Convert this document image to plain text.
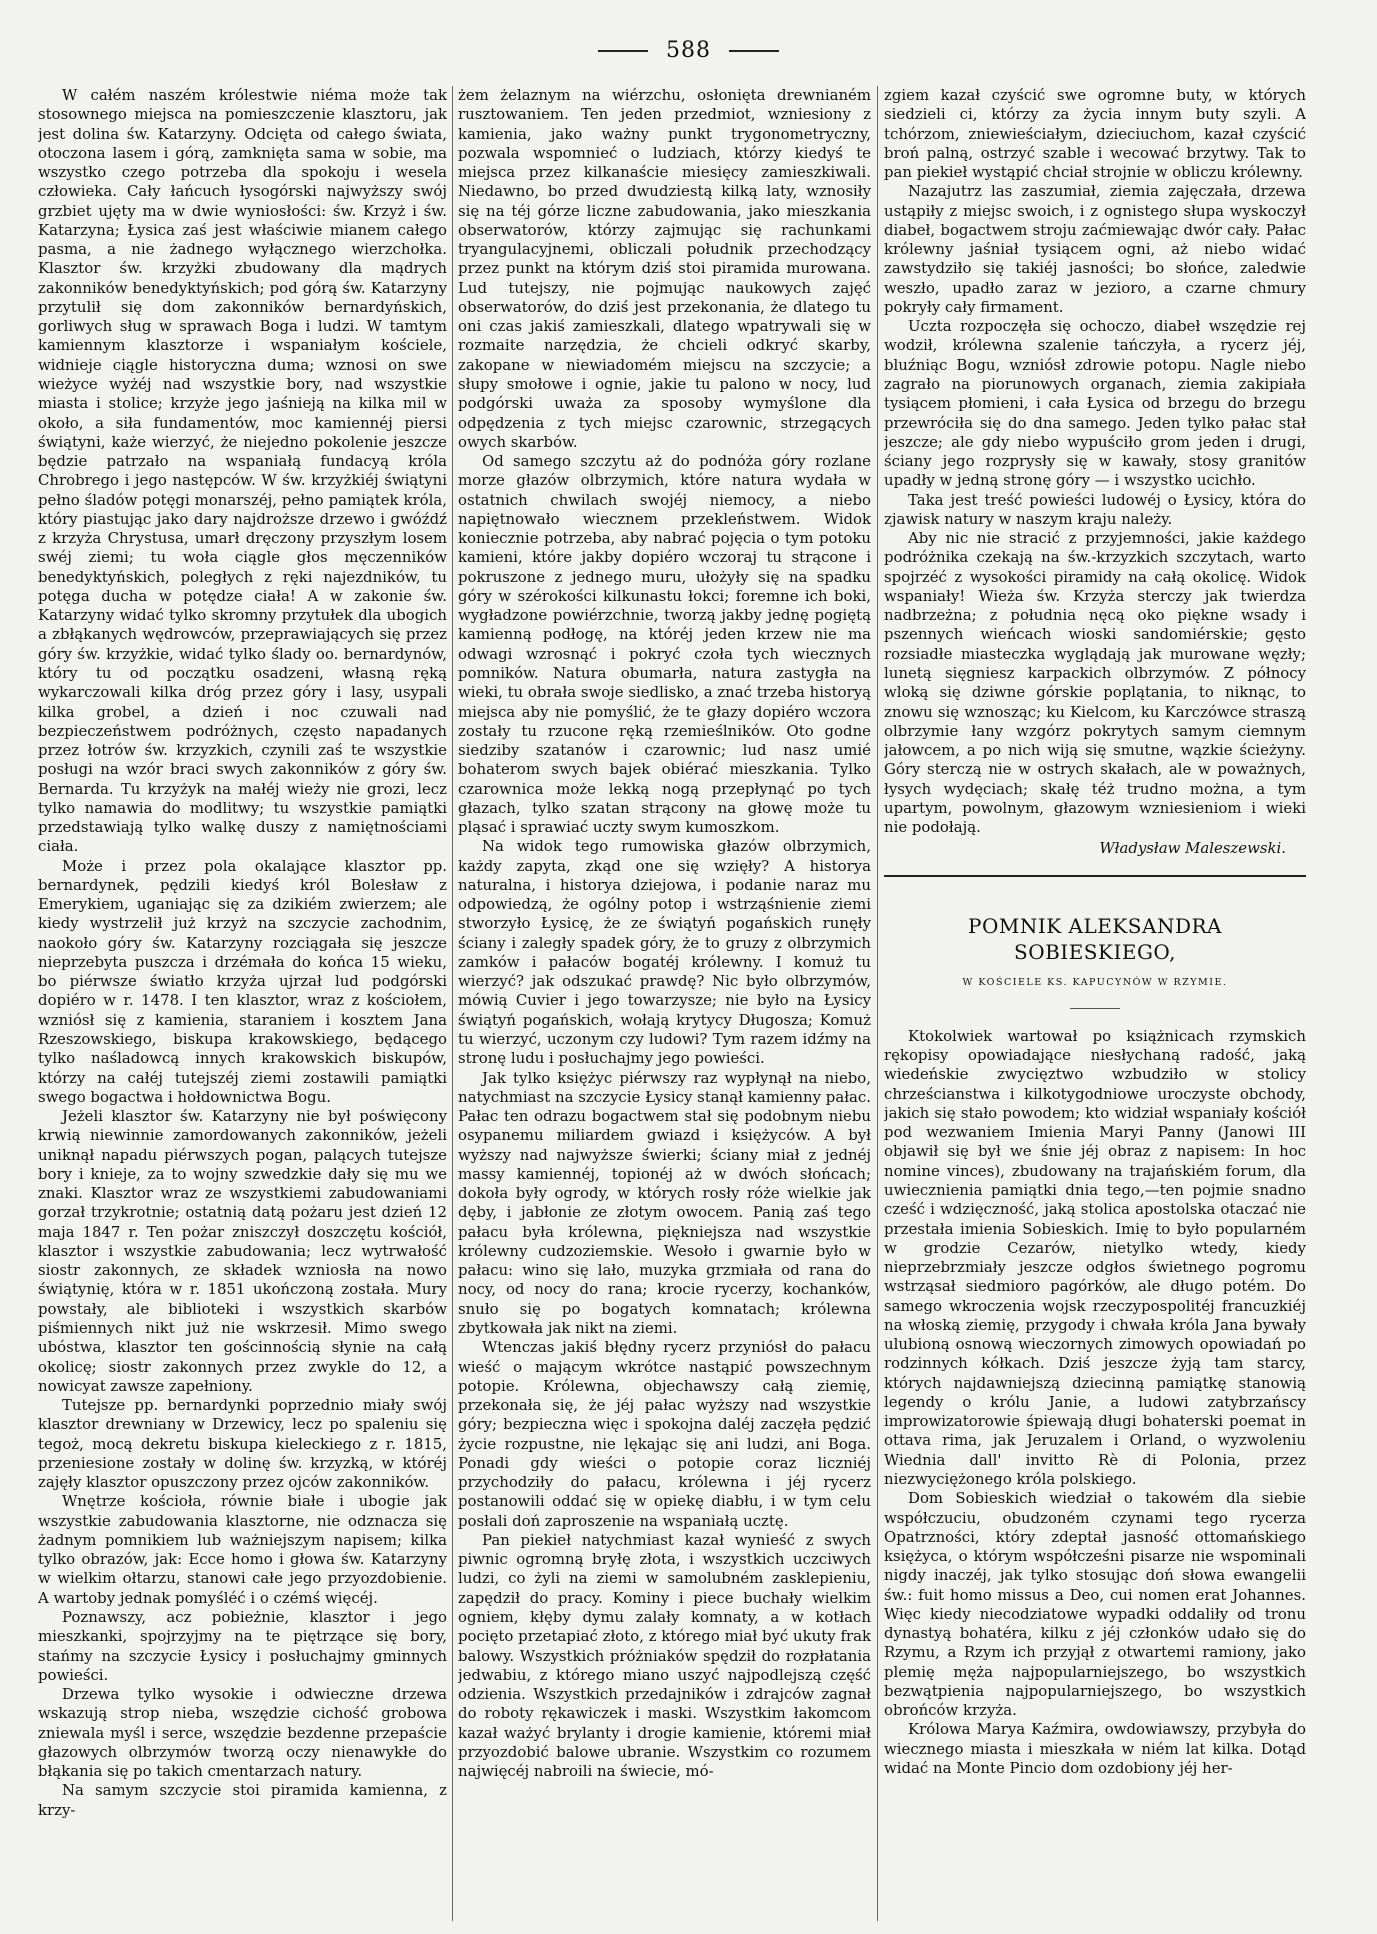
588

W całém naszém królestwie niéma może tak stosownego miejsca na pomieszczenie klasztoru, jak jest dolina św. Katarzyny. Odcięta od całego świata, otoczona lasem i górą, zamknięta sama w sobie, ma wszystko czego potrzeba dla spokoju i wesela człowieka. Cały łańcuch łysogórski najwyższy swój grzbiet ujęty ma w dwie wyniosłości: św. Krzyż i św. Katarzyna; Łysica zaś jest właściwie mianem całego pasma, a nie żadnego wyłącznego wierzchołka. Klasztor św. krzyżki zbudowany dla mądrych zakonników benedyktyńskich; pod górą św. Katarzyny przytulił się dom zakonników bernardyńskich, gorliwych sług w sprawach Boga i ludzi. W tamtym kamiennym klasztorze i wspaniałym kościele, widnieje ciągle historyczna duma; wznosi on swe wieżyce wyżéj nad wszystkie bory, nad wszystkie miasta i stolice; krzyże jego jaśnieją na kilka mil w około, a siła fundamentów, moc kamiennéj piersi świątyni, każe wierzyć, że niejedno pokolenie jeszcze będzie patrzało na wspaniałą fundacyą króla Chrobrego i jego następców. W św. krzyżkiéj świątyni pełno śladów potęgi monarszéj, pełno pamiątek króla, który piastując jako dary najdroższe drzewo i gwóźdź z krzyża Chrystusa, umarł dręczony przyszłym losem swéj ziemi; tu woła ciągle głos męczenników benedyktyńskich, poległych z ręki najezdników, tu potęga ducha w potędze ciała! A w zakonie św. Katarzyny widać tylko skromny przytułek dla ubogich a zbłąkanych wędrowców, przeprawiających się przez góry św. krzyżkie, widać tylko ślady oo. bernardynów, który tu od początku osadzeni, własną ręką wykarczowali kilka dróg przez góry i lasy, usypali kilka grobel, a dzień i noc czuwali nad bezpieczeństwem podróżnych, często napadanych przez łotrów św. krzyzkich, czynili zaś te wszystkie posługi na wzór braci swych zakonników z góry św. Bernarda. Tu krzyżyk na małéj wieży nie grozi, lecz tylko namawia do modlitwy; tu wszystkie pamiątki przedstawiają tylko walkę duszy z namiętnościami ciała.

Może i przez pola okalające klasztor pp. bernardynek, pędzili kiedyś król Bolesław z Emerykiem, uganiając się za dzikiém zwierzem; ale kiedy wystrzelił już krzyż na szczycie zachodnim, naokoło góry św. Katarzyny rozciągała się jeszcze nieprzebyta puszcza i drzémała do końca 15 wieku, bo piérwsze światło krzyża ujrzał lud podgórski dopiéro w r. 1478. I ten klasztor, wraz z kościołem, wzniósł się z kamienia, staraniem i kosztem Jana Rzeszowskiego, biskupa krakowskiego, będącego tylko naśladowcą innych krakowskich biskupów, którzy na całéj tutejszéj ziemi zostawili pamiątki swego bogactwa i hołdownictwa Bogu.

Jeżeli klasztor św. Katarzyny nie był poświęcony krwią niewinnie zamordowanych zakonników, jeżeli uniknął napadu piérwszych pogan, palących tutejsze bory i knieje, za to wojny szwedzkie dały się mu we znaki. Klasztor wraz ze wszystkiemi zabudowaniami gorzał trzykrotnie; ostatnią datą pożaru jest dzień 12 maja 1847 r. Ten pożar zniszczył doszczętu kościół, klasztor i wszystkie zabudowania; lecz wytrwałość siostr zakonnych, ze składek wzniosła na nowo świątynię, która w r. 1851 ukończoną została. Mury powstały, ale biblioteki i wszystkich skarbów piśmiennych nikt już nie wskrzesił. Mimo swego ubóstwa, klasztor ten gościnnością słynie na całą okolicę; siostr zakonnych przez zwykle do 12, a nowicyat zawsze zapełniony.

Tutejsze pp. bernardynki poprzednio miały swój klasztor drewniany w Drzewicy, lecz po spaleniu się tegoż, mocą dekretu biskupa kieleckiego z r. 1815, przeniesione zostały w dolinę św. krzyzką, w któréj zajęły klasztor opuszczony przez ojców zakonników.

Wnętrze kościoła, równie białe i ubogie jak wszystkie zabudowania klasztorne, nie odznacza się żadnym pomnikiem lub ważniejszym napisem; kilka tylko obrazów, jak: Ecce homo i głowa św. Katarzyny w wielkim ołtarzu, stanowi całe jego przyozdobienie. A wartoby jednak pomyśléć i o czémś więcéj.

Poznawszy, acz pobieżnie, klasztor i jego mieszkanki, spojrzyjmy na te piętrzące się bory, stańmy na szczycie Łysicy i posłuchajmy gminnych powieści.

Drzewa tylko wysokie i odwieczne drzewa wskazują strop nieba, wszędzie cichość grobowa zniewala myśl i serce, wszędzie bezdenne przepaście głazowych olbrzymów tworzą oczy nienawykłe do błąkania się po takich cmentarzach natury.

Na samym szczycie stoi piramida kamienna, z krzy-

żem żelaznym na wiérzchu, osłonięta drewnianém rusztowaniem. Ten jeden przedmiot, wzniesiony z kamienia, jako ważny punkt trygonometryczny, pozwala wspomnieć o ludziach, którzy kiedyś te miejsca przez kilkanaście miesięcy zamieszkiwali. Niedawno, bo przed dwudziestą kilką laty, wznosiły się na téj górze liczne zabudowania, jako mieszkania obserwatorów, którzy zajmując się rachunkami tryangulacyjnemi, obliczali południk przechodzący przez punkt na którym dziś stoi piramida murowana. Lud tutejszy, nie pojmując naukowych zajęć obserwatorów, do dziś jest przekonania, że dlatego tu oni czas jakiś zamieszkali, dlatego wpatrywali się w rozmaite narzędzia, że chcieli odkryć skarby, zakopane w niewiadomém miejscu na szczycie; a słupy smołowe i ognie, jakie tu palono w nocy, lud podgórski uważa za sposoby wymyślone dla odpędzenia z tych miejsc czarownic, strzegących owych skarbów.

Od samego szczytu aż do podnóża góry rozlane morze głazów olbrzymich, które natura wydała w ostatnich chwilach swojéj niemocy, a niebo napiętnowało wiecznem przekleństwem. Widok koniecznie potrzeba, aby nabrać pojęcia o tym potoku kamieni, które jakby dopiéro wczoraj tu strącone i pokruszone z jednego muru, ułożyły się na spadku góry w szérokości kilkunastu łokci; foremne ich boki, wygładzone powiérzchnie, tworzą jakby jednę pogiętą kamienną podłogę, na któréj jeden krzew nie ma odwagi wzrosnąć i pokryć czoła tych wiecznych pomników. Natura obumarła, natura zastygła na wieki, tu obrała swoje siedlisko, a znać trzeba historyą miejsca aby nie pomyślić, że te głazy dopiéro wczora zostały tu rzucone ręką rzemieślników. Oto godne siedziby szatanów i czarownic; lud nasz umié bohaterom swych bajek obiérać mieszkania. Tylko czarownica może lekką nogą przepłynąć po tych głazach, tylko szatan strącony na głowę może tu pląsać i sprawiać uczty swym kumoszkom.

Na widok tego rumowiska głazów olbrzymich, każdy zapyta, zkąd one się wzięły? A historya naturalna, i historya dziejowa, i podanie naraz mu odpowiedzą, że ogólny potop i wstrząśnienie ziemi stworzyło Łysicę, że ze świątyń pogańskich runęły ściany i zaległy spadek góry, że to gruzy z olbrzymich zamków i pałaców bogatéj królewny. I komuż tu wierzyć? jak odszukać prawdę? Nic było olbrzymów, mówią Cuvier i jego towarzysze; nie było na Łysicy świątyń pogańskich, wołają krytycy Długosza; Komuż tu wierzyć, uczonym czy ludowi? Tym razem idźmy na stronę ludu i posłuchajmy jego powieści.

Jak tylko księżyc piérwszy raz wypłynął na niebo, natychmiast na szczycie Łysicy stanął kamienny pałac. Pałac ten odrazu bogactwem stał się podobnym niebu osypanemu miliardem gwiazd i księżyców. A był wyższy nad najwyższe świerki; ściany miał z jednéj massy kamiennéj, topionéj aż w dwóch słońcach; dokoła były ogrody, w których rosły róże wielkie jak dęby, i jabłonie ze złotym owocem. Panią zaś tego pałacu była królewna, piękniejsza nad wszystkie królewny cudzoziemskie. Wesoło i gwarnie było w pałacu: wino się lało, muzyka grzmiała od rana do nocy, od nocy do rana; krocie rycerzy, kochanków, snuło się po bogatych komnatach; królewna zbytkowała jak nikt na ziemi.

Wtenczas jakiś błędny rycerz przyniósł do pałacu wieść o mającym wkrótce nastąpić powszechnym potopie. Królewna, objechawszy całą ziemię, przekonała się, że jéj pałac wyższy nad wszystkie góry; bezpieczna więc i spokojna daléj zaczęła pędzić życie rozpustne, nie lękając się ani ludzi, ani Boga. Ponadi gdy wieści o potopie coraz liczniéj przychodziły do pałacu, królewna i jéj rycerz postanowili oddać się w opiekę diabłu, i w tym celu posłali doń zaproszenie na wspaniałą ucztę.

Pan piekieł natychmiast kazał wynieść z swych piwnic ogromną bryłę złota, i wszystkich uczciwych ludzi, co żyli na ziemi w samolubném zasklepieniu, zapędził do pracy. Kominy i piece buchały wielkim ogniem, kłęby dymu zalały komnaty, a w kotłach pocięto przetapiać złoto, z którego miał być ukuty frak balowy. Wszystkich próżniaków spędził do rozpłatania jedwabiu, z którego miano uszyć najpodlejszą część odzienia. Wszystkich przedajników i zdrajców zagnał do roboty rękawiczek i maski. Wszystkim łakomcom kazał ważyć brylanty i drogie kamienie, któremi miał przyozdobić balowe ubranie. Wszystkim co rozumem najwięcéj nabroili na świecie, mó-

zgiem kazał czyścić swe ogromne buty, w których siedzieli ci, którzy za życia innym buty szyli. A tchórzom, zniewieściałym, dzieciuchom, kazał czyścić broń palną, ostrzyć szable i wecować brzytwy. Tak to pan piekieł wystąpić chciał strojnie w obliczu królewny.

Nazajutrz las zaszumiał, ziemia zajęczała, drzewa ustąpiły z miejsc swoich, i z ognistego słupa wyskoczył diabeł, bogactwem stroju zaćmiewając dwór cały. Pałac królewny jaśniał tysiącem ogni, aż niebo widać zawstydziło się takiéj jasności; bo słońce, zaledwie weszło, upadło zaraz w jezioro, a czarne chmury pokryły cały firmament.

Uczta rozpoczęła się ochoczo, diabeł wszędzie rej wodził, królewna szalenie tańczyła, a rycerz jéj, bluźniąc Bogu, wzniósł zdrowie potopu. Nagle niebo zagrało na piorunowych organach, ziemia zakipiała tysiącem płomieni, i cała Łysica od brzegu do brzegu przewróciła się do dna samego. Jeden tylko pałac stał jeszcze; ale gdy niebo wypuściło grom jeden i drugi, ściany jego rozprysły się w kawały, stosy granitów upadły w jedną stronę góry — i wszystko ucichło.

Taka jest treść powieści ludowéj o Łysicy, która do zjawisk natury w naszym kraju należy.

Aby nic nie stracić z przyjemności, jakie każdego podróżnika czekają na św.-krzyzkich szczytach, warto spojrzéć z wysokości piramidy na całą okolicę. Widok wspaniały! Wieża św. Krzyża sterczy jak twierdza nadbrzeżna; z południa nęcą oko piękne wsady i pszennych wieńcach wioski sandomiérskie; gęsto rozsiadłe miasteczka wyglądają jak murowane węzły; lunetą sięgniesz karpackich olbrzymów. Z północy wloką się dziwne górskie poplątania, to niknąc, to znowu się wznosząc; ku Kielcom, ku Karczówce straszą olbrzymie łany wzgórz pokrytych samym ciemnym jałowcem, a po nich wiją się smutne, wązkie ścieżyny. Góry sterczą nie w ostrych skałach, ale w poważnych, łysych wydęciach; skałę téż trudno można, a tym upartym, powolnym, głazowym wzniesieniom i wieki nie podołają.

Władysław Maleszewski.
POMNIK ALEKSANDRA SOBIESKIEGO,
W KOŚCIELE KS. KAPUCYNÓW W RZYMIE.

Ktokolwiek wartował po książnicach rzymskich rękopisy opowiadające niesłychaną radość, jaką wiedeńskie zwycięztwo wzbudziło w stolicy chrześcianstwa i kilkotygodniowe uroczyste obchody, jakich się stało powodem; kto widział wspaniały kościół pod wezwaniem Imienia Maryi Panny (Janowi III objawił się był we śnie jéj obraz z napisem: In hoc nomine vinces), zbudowany na trajańskiém forum, dla uwiecznienia pamiątki dnia tego,—ten pojmie snadno cześć i wdzięczność, jaką stolica apostolska otaczać nie przestała imienia Sobieskich. Imię to było popularném w grodzie Cezarów, nietylko wtedy, kiedy nieprzebrzmiały jeszcze odgłos świetnego pogromu wstrząsał siedmioro pagórków, ale długo potém. Do samego wkroczenia wojsk rzeczypospolitéj francuzkiéj na włoską ziemię, przygody i chwała króla Jana bywały ulubioną osnową wieczornych zimowych opowiadań po rodzinnych kółkach. Dziś jeszcze żyją tam starcy, których najdawniejszą dziecinną pamiątkę stanowią legendy o królu Janie, a ludowi zatybrzańscy improwizatorowie śpiewają długi bohaterski poemat in ottava rima, jak Jeruzalem i Orland, o wyzwoleniu Wiednia dall' invitto Rè di Polonia, przez niezwyciężonego króla polskiego.

Dom Sobieskich wiedział o takowém dla siebie współczuciu, obudzoném czynami tego rycerza Opatrzności, który zdeptał jasność ottomańskiego księżyca, o którym współcześni pisarze nie wspominali nigdy inaczéj, jak tylko stosując doń słowa ewangelii św.: fuit homo missus a Deo, cui nomen erat Johannes. Więc kiedy niecodziatowe wypadki oddaliły od tronu dynastyą bohatéra, kilku z jéj członków udało się do Rzymu, a Rzym ich przyjął z otwartemi ramiony, jako plemię męża najpopularniejszego, bo wszystkich bezwątpienia najpopularniejszego, bo wszystkich obrońców krzyża.

Królowa Marya Kaźmira, owdowiawszy, przybyła do wiecznego miasta i mieszkała w niém lat kilka. Dotąd widać na Monte Pincio dom ozdobiony jéj her-
